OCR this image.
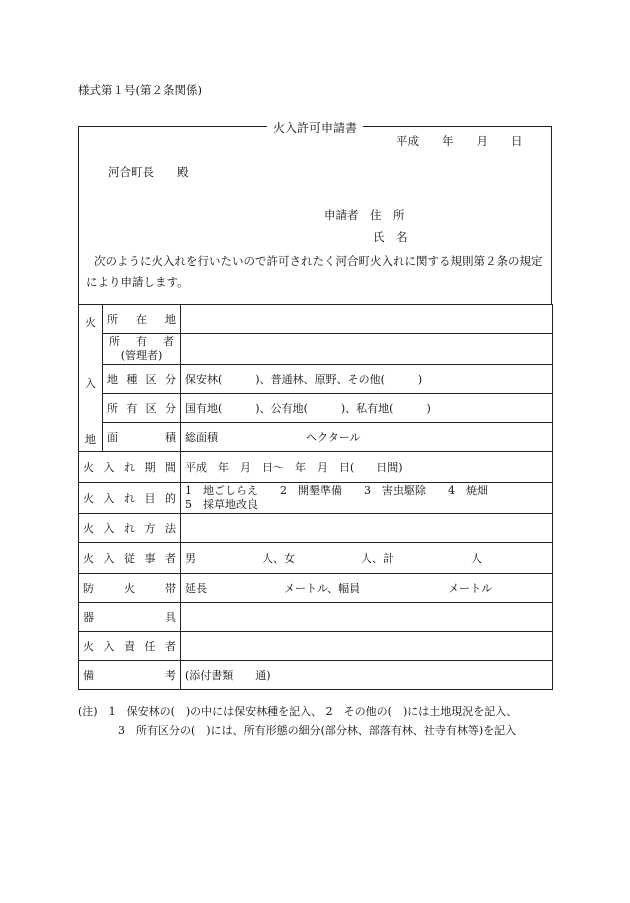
様式第１号(第２条関係)
火入許可申請書
平成　　年　　月　　日
河合町長　　殿
申請者　住　所
氏　名
次のように火入れを行いたいので許可されたく河合町火入れに関する規則第２条の規定により申請します。
火
入
地	所在地	

	所有者
(管理者)	

	地種区分	保安林(　　　)、普通林、原野、その他(　　　)
	所有区分	国有地(　　　)、公有地(　　　)、私有地(　　　)
	面積	総面積　　　　　　　　ヘクタール
火入れ期間		平成　年　月　日～　年　月　日(　　日間)
火入れ目的		1　地ごしらえ　　2　開墾準備　　3　害虫駆除　　4　焼畑
5　採草地改良

火入れ方法		
火入従事者		男　　　　　　人、女　　　　　　人、計　　　　　　　人
防火帯		延長　　　　　　　メートル、幅員　　　　　　　　メートル
器具		
火入責任者		
備考		(添付書類　　通)
(注)　1　保安林の(　)の中には保安林種を記入、 2　その他の(　)には土地現況を記入、
3　所有区分の(　)には、所有形態の細分(部分林、部落有林、社寺有林等)を記入
